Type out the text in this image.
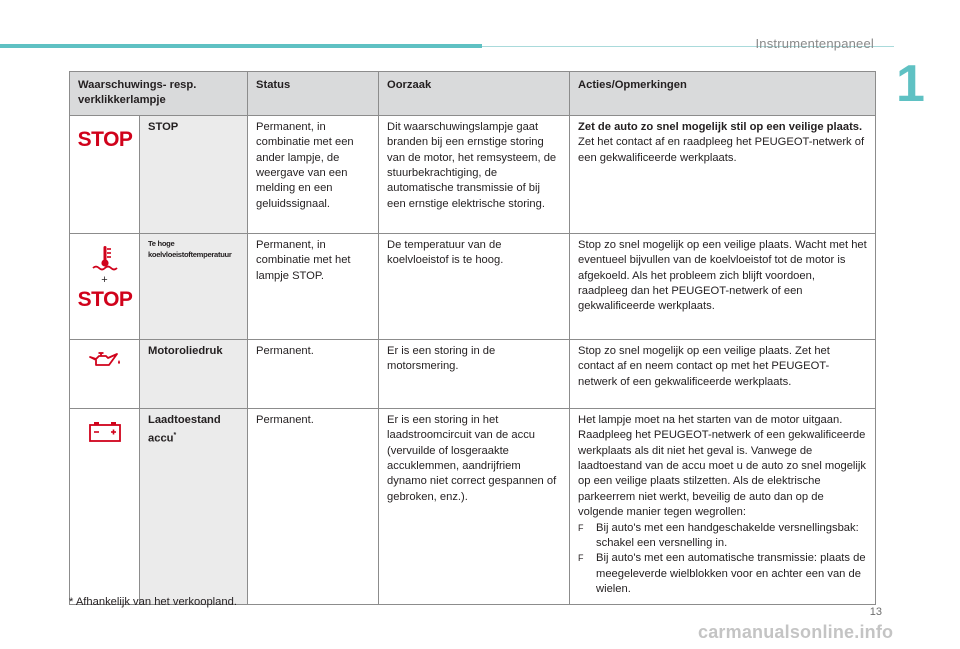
Instrumentenpaneel
1
Waarschuwings- resp. verklikkerlampje		Status	Oorzaak	Acties/Opmerkingen

STOP	STOP	Permanent, in combinatie met een ander lampje, de weergave van een melding en een geluidssignaal.	Dit waarschuwingslampje gaat branden bij een ernstige storing van de motor, het remsysteem, de stuurbekrachtiging, de automatische transmissie of bij een ernstige elektrische storing.	Zet de auto zo snel mogelijk stil op een veilige plaats.
Zet het contact af en raadpleeg het PEUGEOT-netwerk of een gekwalificeerde werkplaats.

+
STOP	Te hoge koelvloeistoftemperatuur	Permanent, in combinatie met het lampje STOP.	De temperatuur van de koelvloeistof is te hoog.	Stop zo snel mogelijk op een veilige plaats. Wacht met het eventueel bijvullen van de koelvloeistof tot de motor is afgekoeld. Als het probleem zich blijft voordoen, raadpleeg dan het PEUGEOT-netwerk of een gekwalificeerde werkplaats.

	Motoroliedruk	Permanent.	Er is een storing in de motorsmering.	Stop zo snel mogelijk op een veilige plaats. Zet het contact af en neem contact op met het PEUGEOT-netwerk of een gekwalificeerde werkplaats.

	Laadtoestand accu*	Permanent.	Er is een storing in het laadstroomcircuit van de accu (vervuilde of losgeraakte accuklemmen, aandrijfriem dynamo niet correct gespannen of gebroken, enz.).	Het lampje moet na het starten van de motor uitgaan. Raadpleeg het PEUGEOT-netwerk of een gekwalificeerde werkplaats als dit niet het geval is. Vanwege de laadtoestand van de accu moet u de auto zo snel mogelijk op een veilige plaats stilzetten. Als de elektrische parkeerrem niet werkt, beveilig de auto dan op de volgende manier tegen wegrollen:
F Bij auto's met een handgeschakelde versnellingsbak: schakel een versnelling in.
F Bij auto's met een automatische transmissie: plaats de meegeleverde wielblokken voor en achter een van de wielen.
* Afhankelijk van het verkoopland.
13
carmanualsonline.info
